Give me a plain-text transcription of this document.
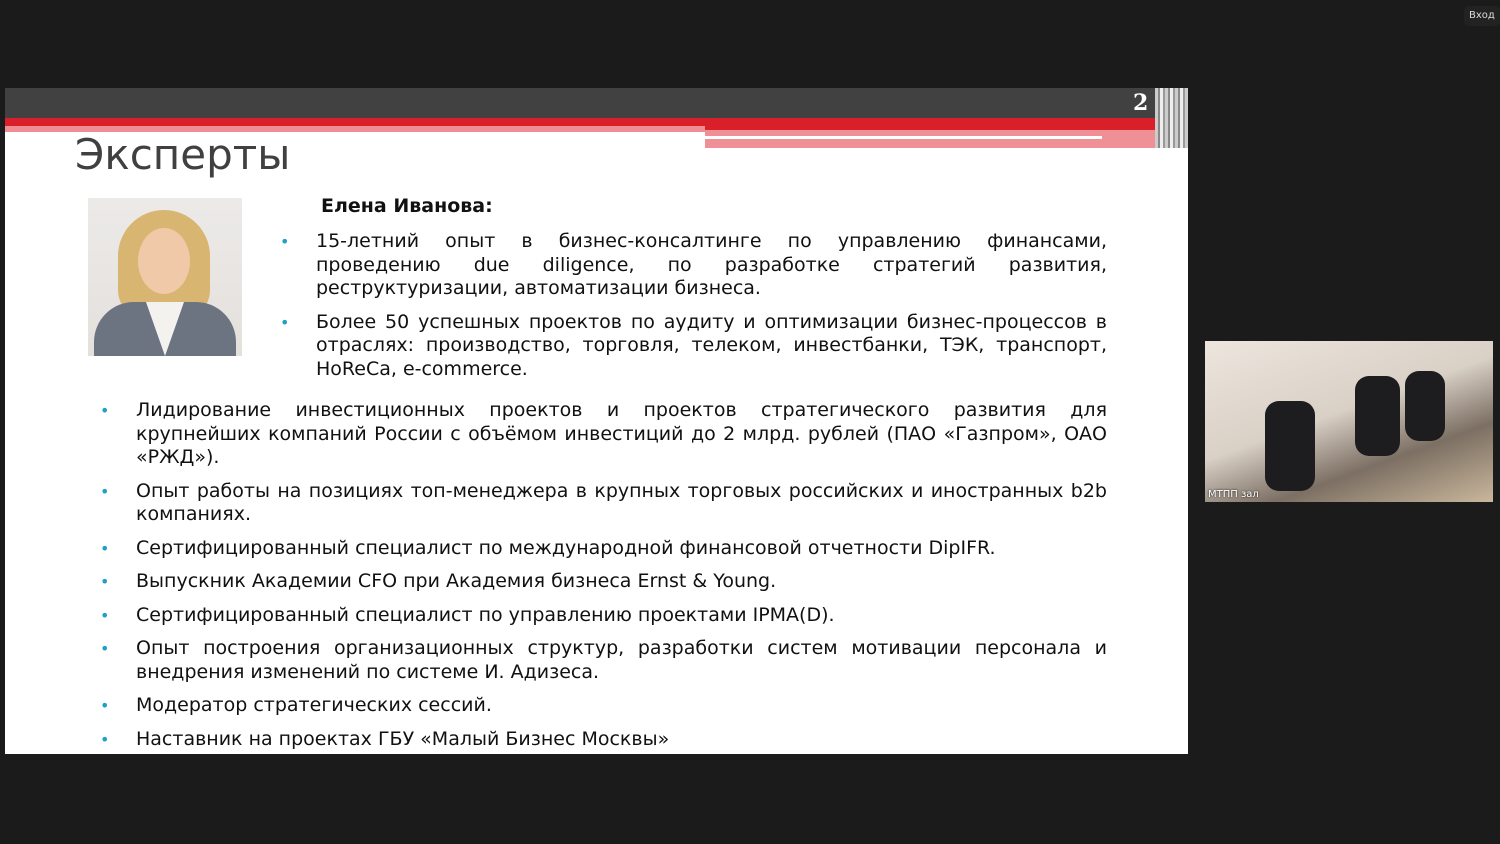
Вход
2
Эксперты
Елена Иванова:
• 15-летний опыт в бизнес-консалтинге по управлению финансами, проведению due diligence, по разработке стратегий развития, реструктуризации, автоматизации бизнеса.
• Более 50 успешных проектов по аудиту и оптимизации бизнес-процессов в отраслях: производство, торговля, телеком, инвестбанки, ТЭК, транспорт, HoReCa, e-commerce.
• Лидирование инвестиционных проектов и проектов стратегического развития для крупнейших компаний России с объёмом инвестиций до 2 млрд. рублей (ПАО «Газпром», ОАО «РЖД»).
• Опыт работы на позициях топ-менеджера в крупных торговых российских и иностранных b2b компаниях.
• Сертифицированный специалист по международной финансовой отчетности DipIFR.
• Выпускник Академии CFO при Академия бизнеса Ernst & Young.
• Сертифицированный специалист по управлению проектами IPMA(D).
• Опыт построения организационных структур, разработки систем мотивации персонала и внедрения изменений по системе И. Адизеса.
• Модератор стратегических сессий.
• Наставник на проектах ГБУ «Малый Бизнес Москвы»
МТПП зал
